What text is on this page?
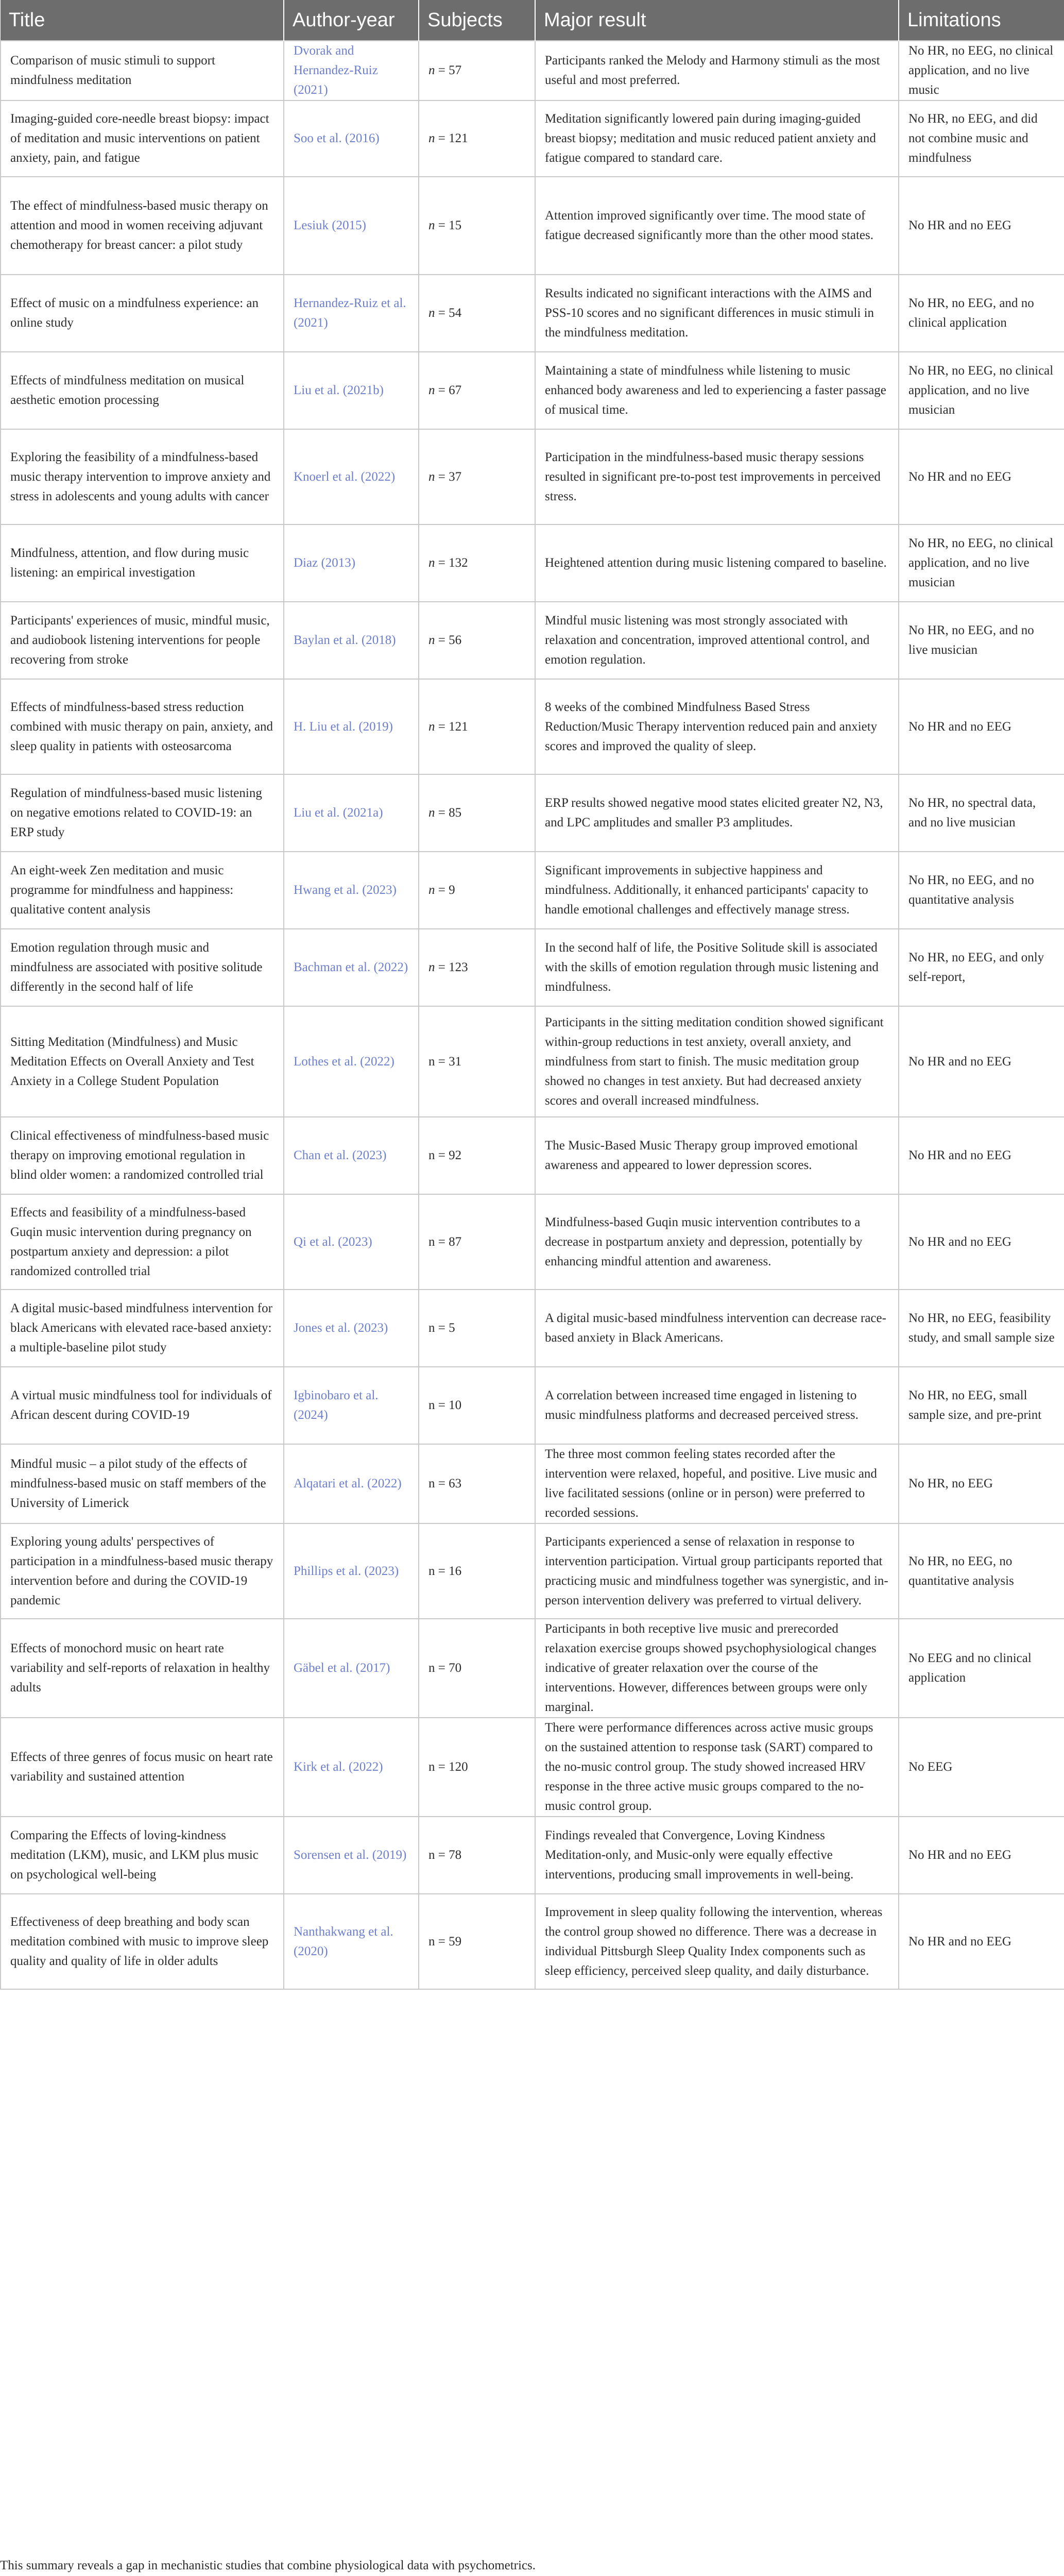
Title	Author-year	Subjects	Major result	Limitations
Comparison of music stimuli to support mindfulness meditation	Dvorak and Hernandez-Ruiz (2021)	n = 57	Participants ranked the Melody and Harmony stimuli as the most useful and most preferred.	No HR, no EEG, no clinical application, and no live music
Imaging-guided core-needle breast biopsy: impact of meditation and music interventions on patient anxiety, pain, and fatigue	Soo et al. (2016)	n = 121	Meditation significantly lowered pain during imaging-guided breast biopsy; meditation and music reduced patient anxiety and fatigue compared to standard care.	No HR, no EEG, and did not combine music and mindfulness
The effect of mindfulness-based music therapy on attention and mood in women receiving adjuvant chemotherapy for breast cancer: a pilot study	Lesiuk (2015)	n = 15	Attention improved significantly over time. The mood state of fatigue decreased significantly more than the other mood states.	No HR and no EEG
Effect of music on a mindfulness experience: an online study	Hernandez-Ruiz et al. (2021)	n = 54	Results indicated no significant interactions with the AIMS and PSS-10 scores and no significant differences in music stimuli in the mindfulness meditation.	No HR, no EEG, and no clinical application
Effects of mindfulness meditation on musical aesthetic emotion processing	Liu et al. (2021b)	n = 67	Maintaining a state of mindfulness while listening to music enhanced body awareness and led to experiencing a faster passage of musical time.	No HR, no EEG, no clinical application, and no live musician
Exploring the feasibility of a mindfulness-based music therapy intervention to improve anxiety and stress in adolescents and young adults with cancer	Knoerl et al. (2022)	n = 37	Participation in the mindfulness-based music therapy sessions resulted in significant pre-to-post test improvements in perceived stress.	No HR and no EEG
Mindfulness, attention, and flow during music listening: an empirical investigation	Diaz (2013)	n = 132	Heightened attention during music listening compared to baseline.	No HR, no EEG, no clinical application, and no live musician
Participants' experiences of music, mindful music, and audiobook listening interventions for people recovering from stroke	Baylan et al. (2018)	n = 56	Mindful music listening was most strongly associated with relaxation and concentration, improved attentional control, and emotion regulation.	No HR, no EEG, and no live musician
Effects of mindfulness-based stress reduction combined with music therapy on pain, anxiety, and sleep quality in patients with osteosarcoma	H. Liu et al. (2019)	n = 121	8 weeks of the combined Mindfulness Based Stress Reduction/Music Therapy intervention reduced pain and anxiety scores and improved the quality of sleep.	No HR and no EEG
Regulation of mindfulness-based music listening on negative emotions related to COVID-19: an ERP study	Liu et al. (2021a)	n = 85	ERP results showed negative mood states elicited greater N2, N3, and LPC amplitudes and smaller P3 amplitudes.	No HR, no spectral data, and no live musician
An eight-week Zen meditation and music programme for mindfulness and happiness: qualitative content analysis	Hwang et al. (2023)	n = 9	Significant improvements in subjective happiness and mindfulness. Additionally, it enhanced participants' capacity to handle emotional challenges and effectively manage stress.	No HR, no EEG, and no quantitative analysis
Emotion regulation through music and mindfulness are associated with positive solitude differently in the second half of life	Bachman et al. (2022)	n = 123	In the second half of life, the Positive Solitude skill is associated with the skills of emotion regulation through music listening and mindfulness.	No HR, no EEG, and only self-report,
Sitting Meditation (Mindfulness) and Music Meditation Effects on Overall Anxiety and Test Anxiety in a College Student Population	Lothes et al. (2022)	n = 31	Participants in the sitting meditation condition showed significant within-group reductions in test anxiety, overall anxiety, and mindfulness from start to finish. The music meditation group showed no changes in test anxiety. But had decreased anxiety scores and overall increased mindfulness.	No HR and no EEG
Clinical effectiveness of mindfulness-based music therapy on improving emotional regulation in blind older women: a randomized controlled trial	Chan et al. (2023)	n = 92	The Music-Based Music Therapy group improved emotional awareness and appeared to lower depression scores.	No HR and no EEG
Effects and feasibility of a mindfulness-based Guqin music intervention during pregnancy on postpartum anxiety and depression: a pilot randomized controlled trial	Qi et al. (2023)	n = 87	Mindfulness-based Guqin music intervention contributes to a decrease in postpartum anxiety and depression, potentially by enhancing mindful attention and awareness.	No HR and no EEG
A digital music-based mindfulness intervention for black Americans with elevated race-based anxiety: a multiple-baseline pilot study	Jones et al. (2023)	n = 5	A digital music-based mindfulness intervention can decrease race-based anxiety in Black Americans.	No HR, no EEG, feasibility study, and small sample size
A virtual music mindfulness tool for individuals of African descent during COVID-19	Igbinobaro et al. (2024)	n = 10	A correlation between increased time engaged in listening to music mindfulness platforms and decreased perceived stress.	No HR, no EEG, small sample size, and pre-print
Mindful music – a pilot study of the effects of mindfulness-based music on staff members of the University of Limerick	Alqatari et al. (2022)	n = 63	The three most common feeling states recorded after the intervention were relaxed, hopeful, and positive. Live music and live facilitated sessions (online or in person) were preferred to recorded sessions.	No HR, no EEG
Exploring young adults' perspectives of participation in a mindfulness-based music therapy intervention before and during the COVID-19 pandemic	Phillips et al. (2023)	n = 16	Participants experienced a sense of relaxation in response to intervention participation. Virtual group participants reported that practicing music and mindfulness together was synergistic, and in-person intervention delivery was preferred to virtual delivery.	No HR, no EEG, no quantitative analysis
Effects of monochord music on heart rate variability and self-reports of relaxation in healthy adults	Gäbel et al. (2017)	n = 70	Participants in both receptive live music and prerecorded relaxation exercise groups showed psychophysiological changes indicative of greater relaxation over the course of the interventions. However, differences between groups were only marginal.	No EEG and no clinical application
Effects of three genres of focus music on heart rate variability and sustained attention	Kirk et al. (2022)	n = 120	There were performance differences across active music groups on the sustained attention to response task (SART) compared to the no-music control group. The study showed increased HRV response in the three active music groups compared to the no-music control group.	No EEG
Comparing the Effects of loving-kindness meditation (LKM), music, and LKM plus music on psychological well-being	Sorensen et al. (2019)	n = 78	Findings revealed that Convergence, Loving Kindness Meditation-only, and Music-only were equally effective interventions, producing small improvements in well-being.	No HR and no EEG
Effectiveness of deep breathing and body scan meditation combined with music to improve sleep quality and quality of life in older adults	Nanthakwang et al. (2020)	n = 59	Improvement in sleep quality following the intervention, whereas the control group showed no difference. There was a decrease in individual Pittsburgh Sleep Quality Index components such as sleep efficiency, perceived sleep quality, and daily disturbance.	No HR and no EEG
This summary reveals a gap in mechanistic studies that combine physiological data with psychometrics.
